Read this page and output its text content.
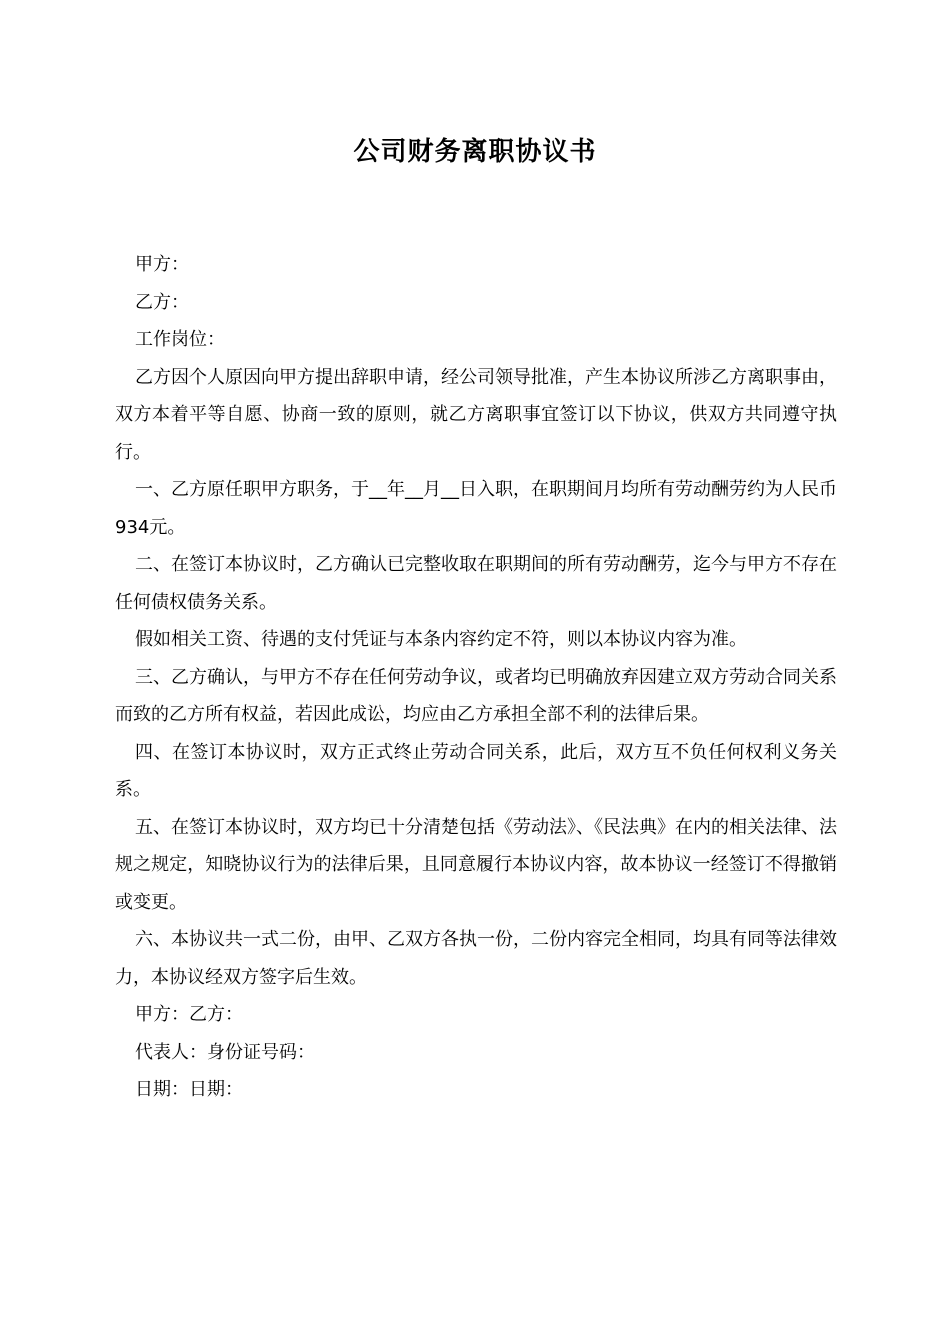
公司财务离职协议书

甲方：

乙方：

工作岗位：

乙方因个人原因向甲方提出辞职申请，经公司领导批准，产生本协议所涉乙方离职事由，双方本着平等自愿、协商一致的原则，就乙方离职事宜签订以下协议，供双方共同遵守执行。

一、乙方原任职甲方职务，于__年__月__日入职，在职期间月均所有劳动酬劳约为人民币934元。

二、在签订本协议时，乙方确认已完整收取在职期间的所有劳动酬劳，迄今与甲方不存在任何债权债务关系。

假如相关工资、待遇的支付凭证与本条内容约定不符，则以本协议内容为准。

三、乙方确认，与甲方不存在任何劳动争议，或者均已明确放弃因建立双方劳动合同关系而致的乙方所有权益，若因此成讼，均应由乙方承担全部不利的法律后果。

四、在签订本协议时，双方正式终止劳动合同关系，此后，双方互不负任何权利义务关系。

五、在签订本协议时，双方均已十分清楚包括《劳动法》、《民法典》在内的相关法律、法规之规定，知晓协议行为的法律后果，且同意履行本协议内容，故本协议一经签订不得撤销或变更。

六、本协议共一式二份，由甲、乙双方各执一份，二份内容完全相同，均具有同等法律效力，本协议经双方签字后生效。

甲方：乙方：

代表人：身份证号码：

日期：日期：
